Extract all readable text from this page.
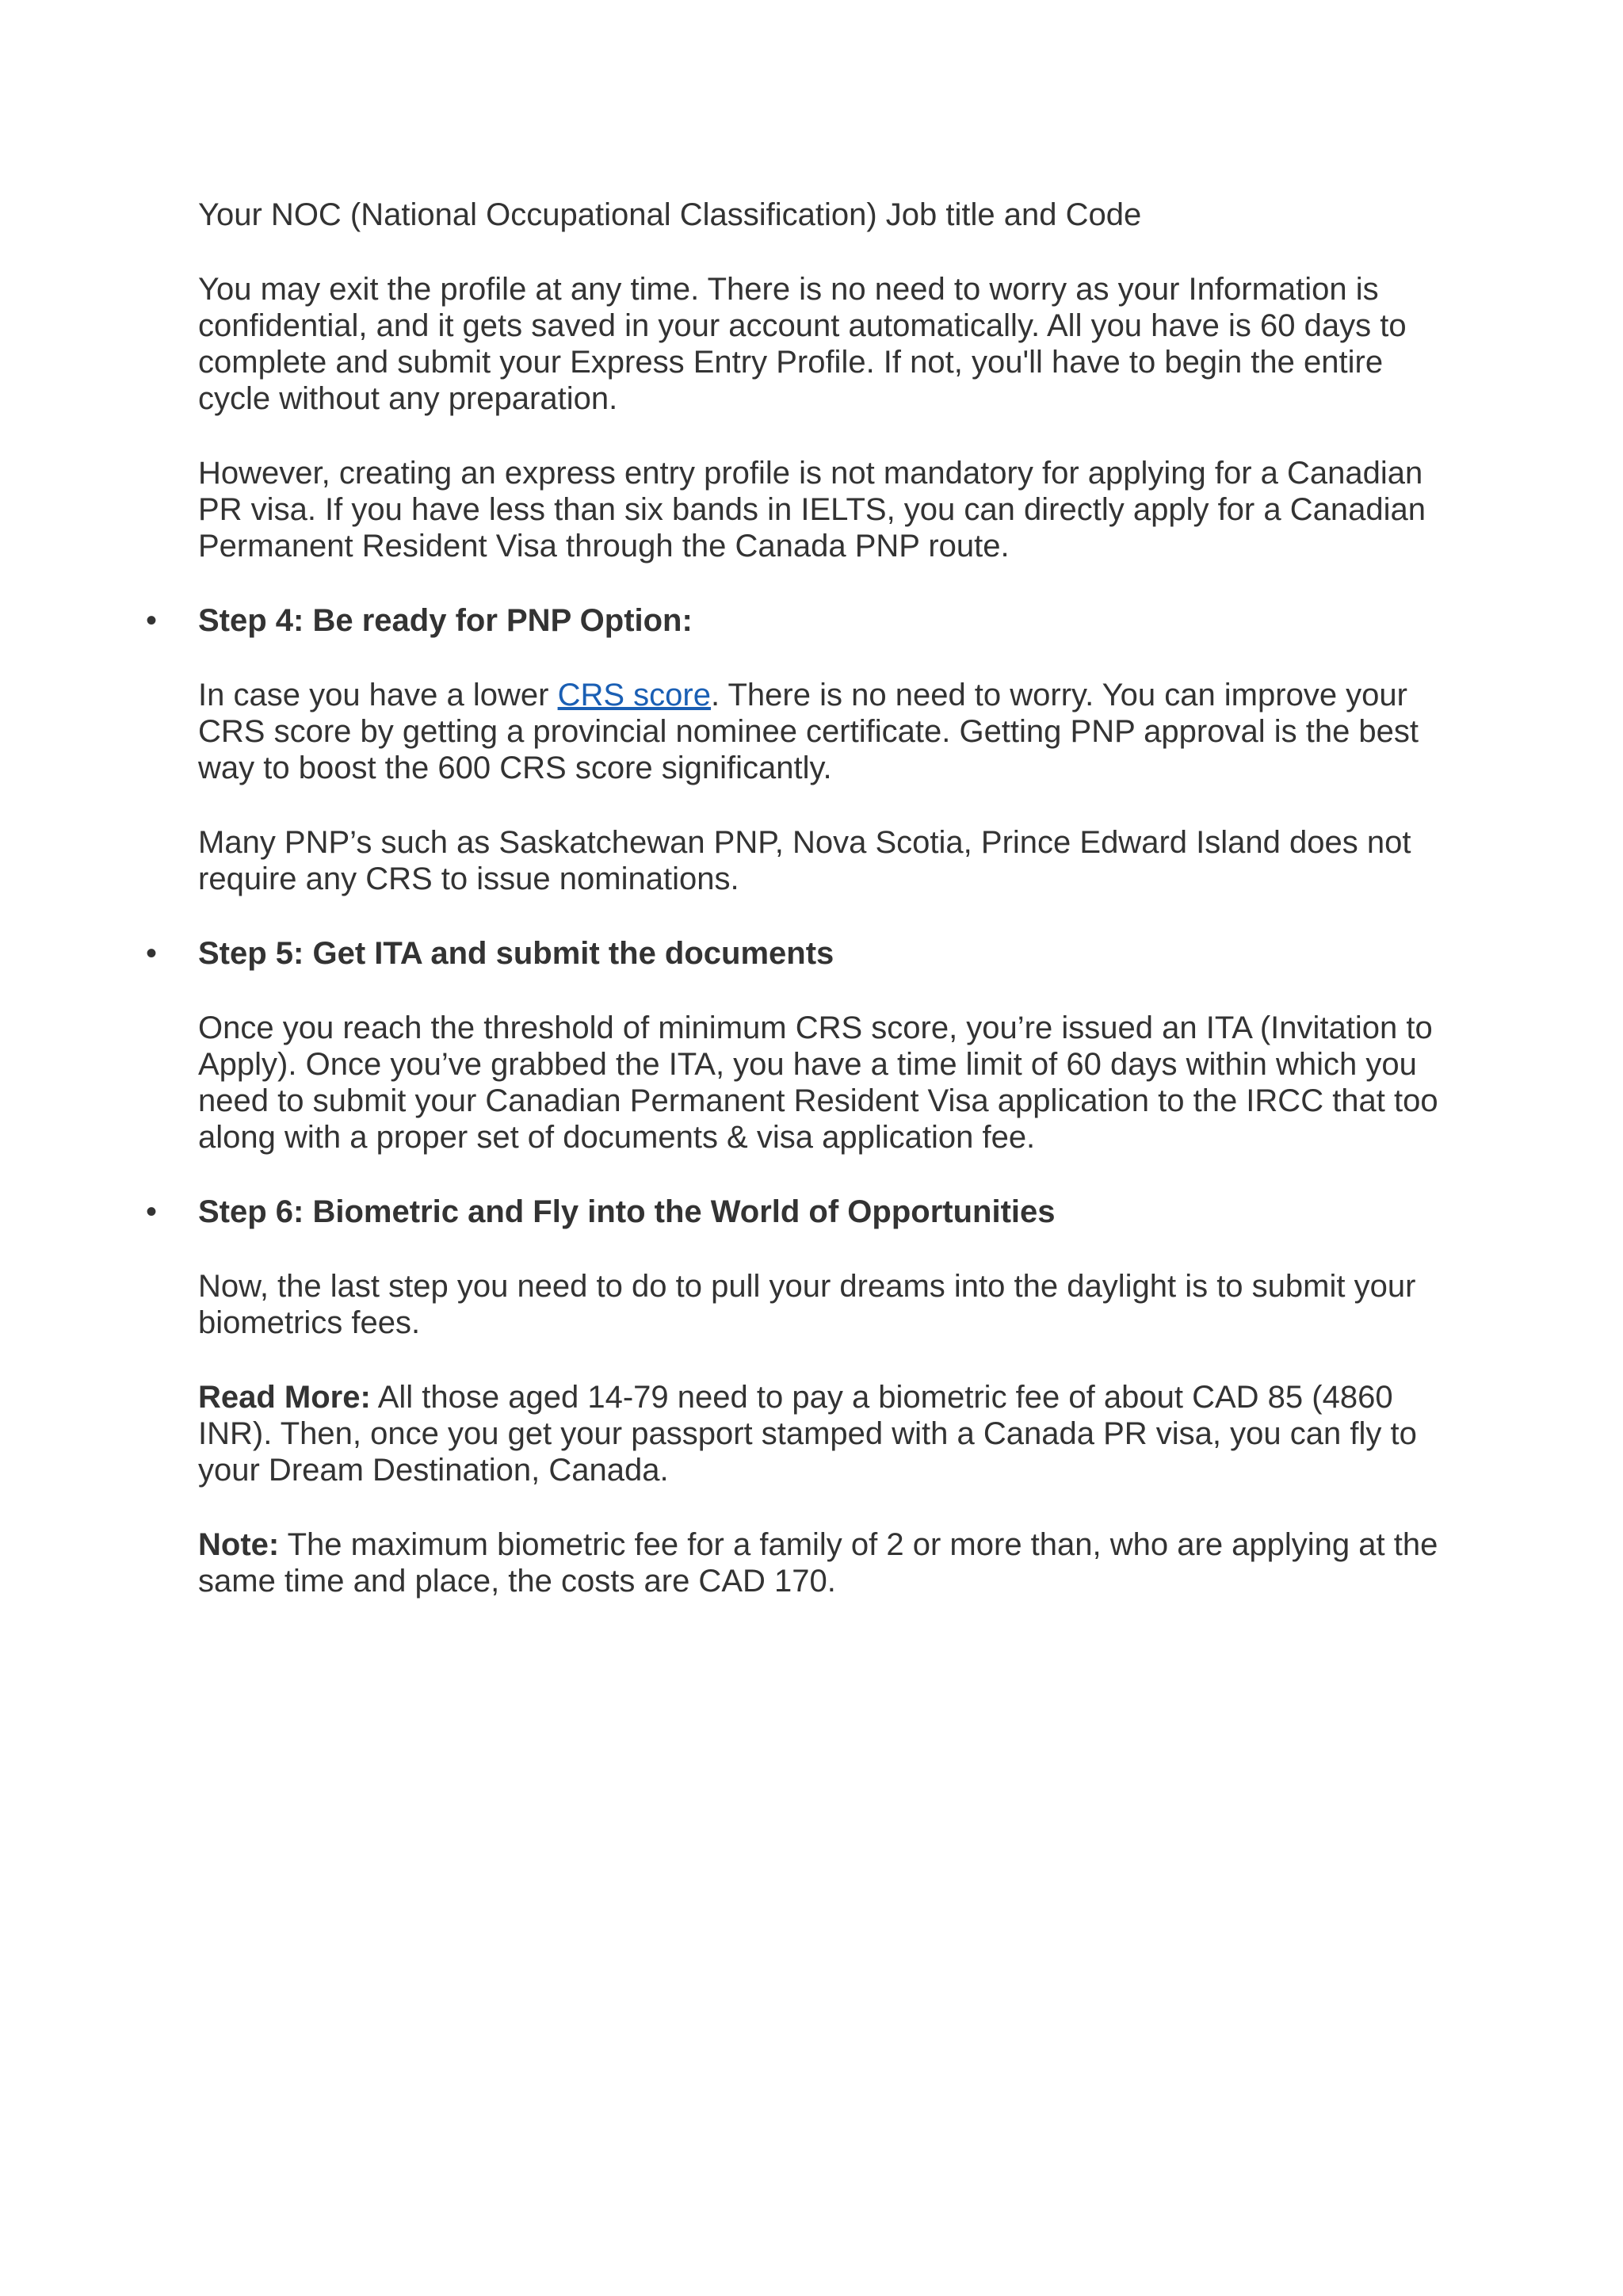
Your NOC (National Occupational Classification) Job title and Code

You may exit the profile at any time. There is no need to worry as your Information is confidential, and it gets saved in your account automatically. All you have is 60 days to complete and submit your Express Entry Profile. If not, you'll have to begin the entire cycle without any preparation.

However, creating an express entry profile is not mandatory for applying for a Canadian PR visa. If you have less than six bands in IELTS, you can directly apply for a Canadian Permanent Resident Visa through the Canada PNP route.

• Step 4: Be ready for PNP Option:

In case you have a lower CRS score. There is no need to worry. You can improve your CRS score by getting a provincial nominee certificate. Getting PNP approval is the best way to boost the 600 CRS score significantly.

Many PNP’s such as Saskatchewan PNP, Nova Scotia, Prince Edward Island does not require any CRS to issue nominations.

• Step 5: Get ITA and submit the documents

Once you reach the threshold of minimum CRS score, you’re issued an ITA (Invitation to Apply). Once you’ve grabbed the ITA, you have a time limit of 60 days within which you need to submit your Canadian Permanent Resident Visa application to the IRCC that too along with a proper set of documents & visa application fee.

• Step 6: Biometric and Fly into the World of Opportunities

Now, the last step you need to do to pull your dreams into the daylight is to submit your biometrics fees.

Read More: All those aged 14-79 need to pay a biometric fee of about CAD 85 (4860 INR). Then, once you get your passport stamped with a Canada PR visa, you can fly to your Dream Destination, Canada.

Note: The maximum biometric fee for a family of 2 or more than, who are applying at the same time and place, the costs are CAD 170.
